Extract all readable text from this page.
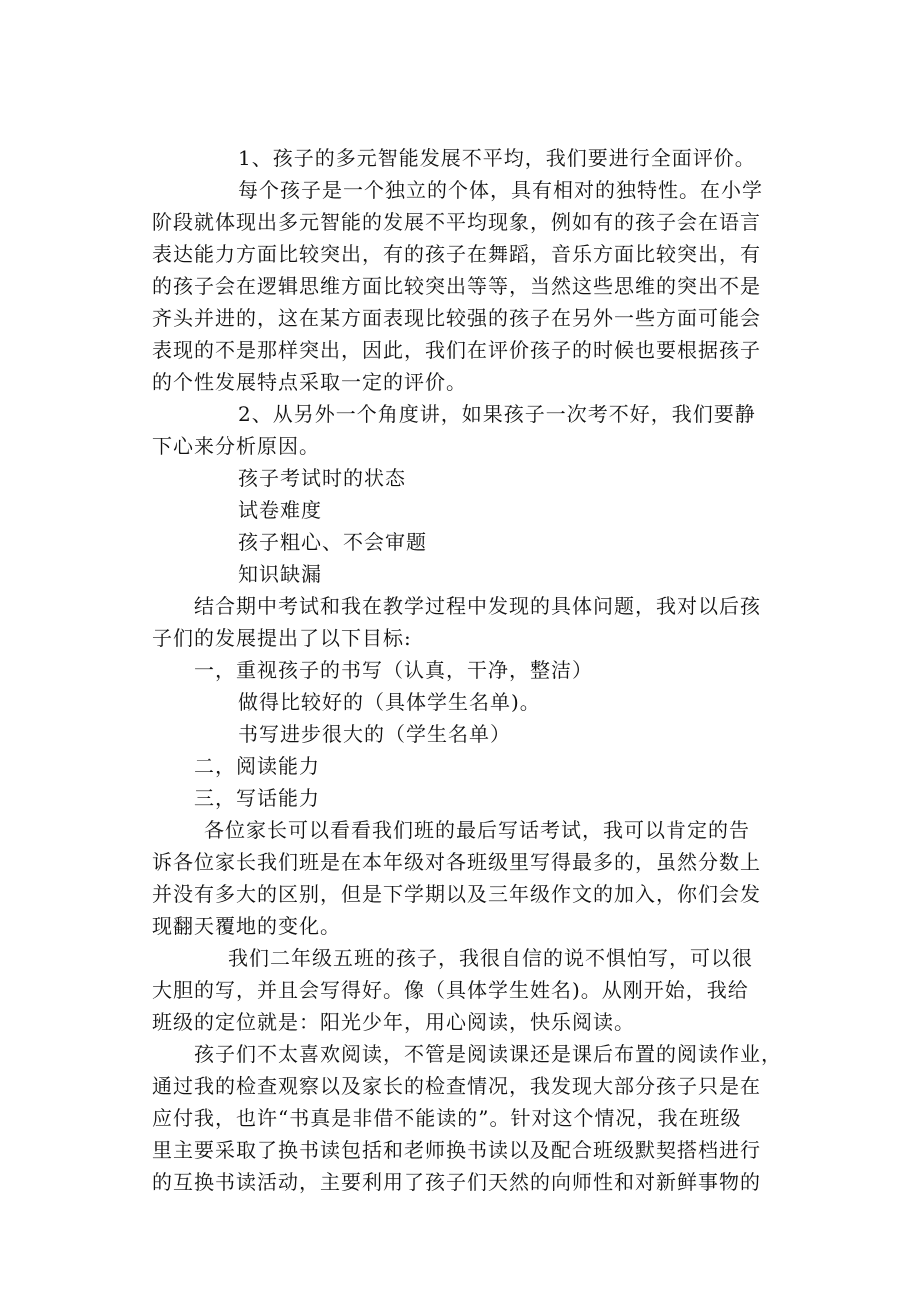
1、孩子的多元智能发展不平均，我们要进行全面评价。
每个孩子是一个独立的个体，具有相对的独特性。在小学
阶段就体现出多元智能的发展不平均现象，例如有的孩子会在语言
表达能力方面比较突出，有的孩子在舞蹈，音乐方面比较突出，有
的孩子会在逻辑思维方面比较突出等等，当然这些思维的突出不是
齐头并进的，这在某方面表现比较强的孩子在另外一些方面可能会
表现的不是那样突出，因此，我们在评价孩子的时候也要根据孩子
的个性发展特点采取一定的评价。
2、从另外一个角度讲，如果孩子一次考不好，我们要静
下心来分析原因。
孩子考试时的状态
试卷难度
孩子粗心、不会审题
知识缺漏
结合期中考试和我在教学过程中发现的具体问题，我对以后孩
子们的发展提出了以下目标:
一，重视孩子的书写（认真，干净，整洁）
做得比较好的（具体学生名单)。
书写进步很大的（学生名单）
二，阅读能力
三，写话能力
各位家长可以看看我们班的最后写话考试，我可以肯定的告
诉各位家长我们班是在本年级对各班级里写得最多的，虽然分数上
并没有多大的区别，但是下学期以及三年级作文的加入，你们会发
现翻天覆地的变化。
我们二年级五班的孩子，我很自信的说不惧怕写，可以很
大胆的写，并且会写得好。像（具体学生姓名)。从刚开始，我给
班级的定位就是：阳光少年，用心阅读，快乐阅读。
孩子们不太喜欢阅读，不管是阅读课还是课后布置的阅读作业，
通过我的检查观察以及家长的检查情况，我发现大部分孩子只是在
应付我，也许“书真是非借不能读的”。针对这个情况，我在班级
里主要采取了换书读包括和老师换书读以及配合班级默契搭档进行
的互换书读活动，主要利用了孩子们天然的向师性和对新鲜事物的
